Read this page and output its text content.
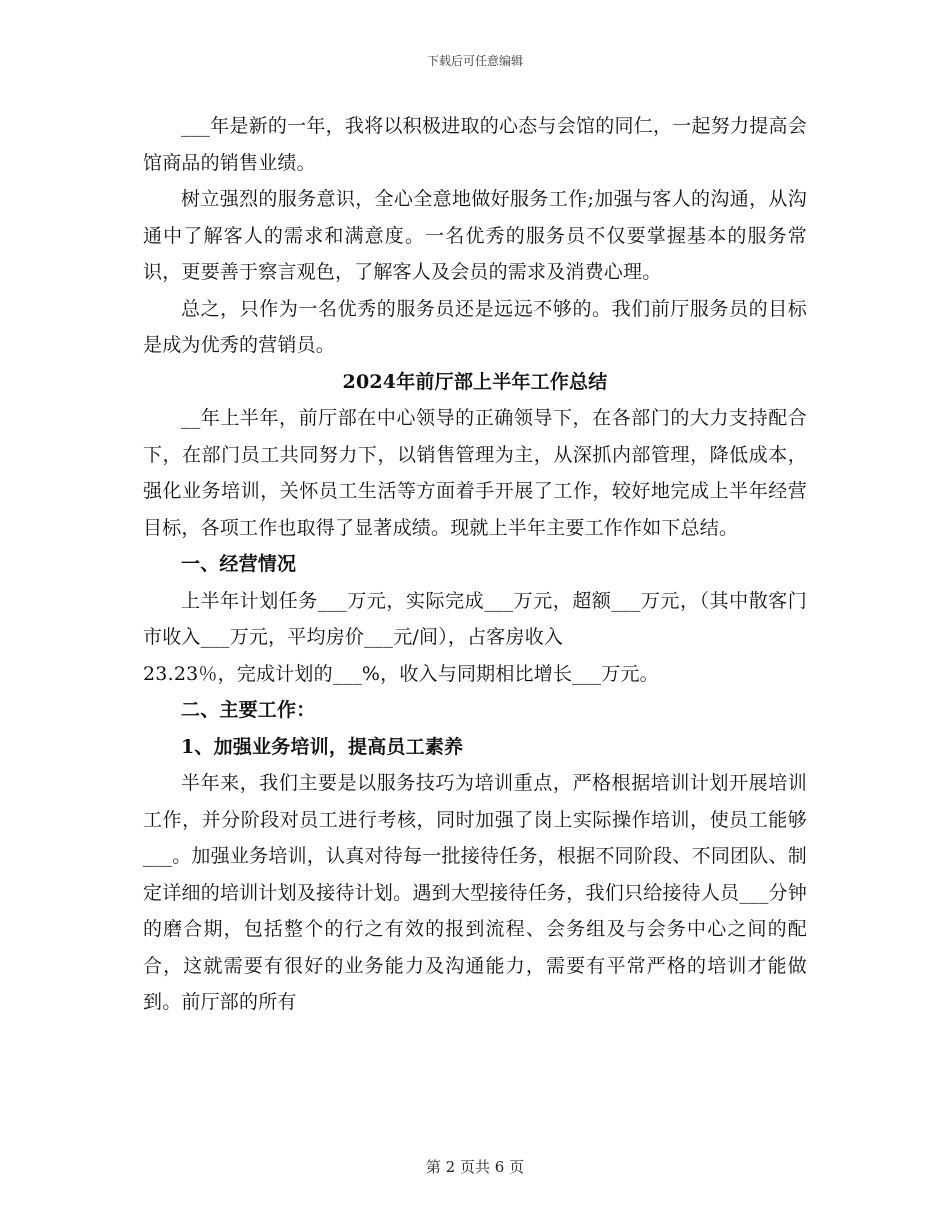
下载后可任意编辑

___年是新的一年，我将以积极进取的心态与会馆的同仁，一起努力提高会馆商品的销售业绩。

树立强烈的服务意识，全心全意地做好服务工作;加强与客人的沟通，从沟通中了解客人的需求和满意度。一名优秀的服务员不仅要掌握基本的服务常识，更要善于察言观色，了解客人及会员的需求及消费心理。

总之，只作为一名优秀的服务员还是远远不够的。我们前厅服务员的目标是成为优秀的营销员。

2024年前厅部上半年工作总结

__年上半年，前厅部在中心领导的正确领导下，在各部门的大力支持配合下，在部门员工共同努力下，以销售管理为主，从深抓内部管理，降低成本，强化业务培训，关怀员工生活等方面着手开展了工作，较好地完成上半年经营目标，各项工作也取得了显著成绩。现就上半年主要工作作如下总结。

一、经营情况

上半年计划任务___万元，实际完成___万元，超额___万元，（其中散客门市收入___万元，平均房价___元/间），占客房收入

23.23％，完成计划的___%，收入与同期相比增长___万元。

二、主要工作：

1、加强业务培训，提高员工素养

半年来，我们主要是以服务技巧为培训重点，严格根据培训计划开展培训工作，并分阶段对员工进行考核，同时加强了岗上实际操作培训，使员工能够___。加强业务培训，认真对待每一批接待任务，根据不同阶段、不同团队、制定详细的培训计划及接待计划。遇到大型接待任务，我们只给接待人员___分钟的磨合期，包括整个的行之有效的报到流程、会务组及与会务中心之间的配合，这就需要有很好的业务能力及沟通能力，需要有平常严格的培训才能做到。前厅部的所有

第 2 页共 6 页
